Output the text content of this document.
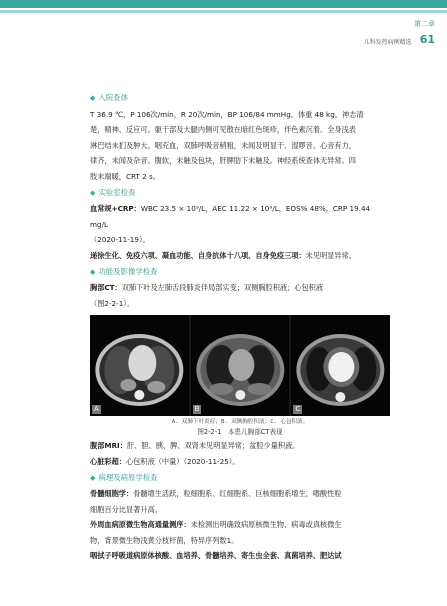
第二章
儿科发热病例精选 61
◆ 入院查体
T 36.9 ℃，P 106次/min，R 20次/min，BP 106/84 mmHg，体重 48 kg。神志清
楚，精神、反应可。躯干部及大腿内侧可见散在暗红色斑疹，伴色素沉着。全身浅表
淋巴结未扪及肿大。咽充血，双肺呼吸音稍粗，未闻及明显干、湿啰音。心音有力，
律齐，未闻及杂音。腹软，未触及包块，肝脾肋下未触及。神经系统查体无异常。四
肢末端暖，CRT 2 s。
◆ 实验室检查
血常规+CRP：WBC 23.5 × 10⁹/L，AEC 11.22 × 10⁹/L，EOS% 48%，CRP 19.44 mg/L
（2020-11-19）。
递徐生化、免疫六项、凝血功能、自身抗体十八项、自身免疫三项：未见明显异常。
◆ 功能及影像学检查
胸部CT：双肺下叶及左肺舌段肺炎伴局部实变；双侧胸腔积液；心包积液
（图2-2-1）。
A	B	C
A. 双肺下叶炎症；B. 双侧胸腔积液；C. 心包积液。
图2-2-1　本患儿胸部CT表现
腹部MRI：肝、胆、胰、脾、双肾未见明显异常；盆腔少量积液。
心脏彩超：心包积液（中量）（2020-11-25）。
◆ 病理及病原学检查
骨髓细胞学：骨髓增生活跃，粒细胞系、红细胞系、巨核细胞系增生，嗜酸性粒
细胞百分比显著升高。
外周血病原微生物高通量测序：未检测出明确致病原核微生物、病毒或真核微生
物，背景微生物浅黄分枝杆菌，特异序列数1。
咽拭子呼吸道病原体核酸、血培养、骨髓培养、寄生虫全套、真菌培养、肥达试
